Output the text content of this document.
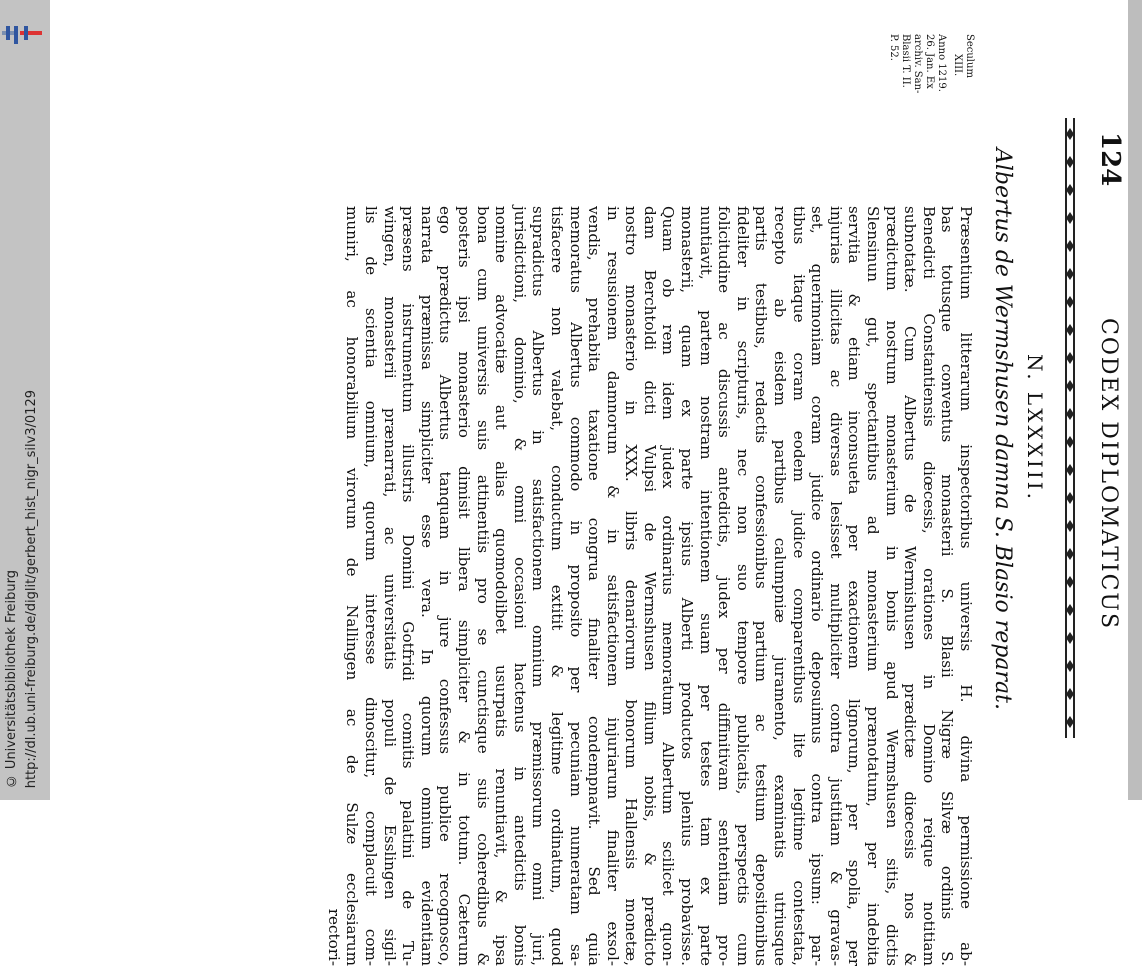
http://dl.ub.uni-freiburg.de/diglit/gerbert_hist_nigr_silv3/0129
© Universitätsbibliothek Freiburg
124
CODEX DIPLOMATICUS
N. LXXXIII.
Albertus de Wermshusen damna S. Blasio reparat.
Seculum
XIII.
Anno 1219.
26. Jan. Ex
archiv. San-
Blasii T. II.
P. 52.
Præsentium litterarum inspectoribus universis H. divina permissione ab-
bas totusque conventus monasterii S. Blasii Nigræ Silvæ ordinis S.
Benedicti Constantiensis diœcesis, orationes in Domino reique notitiam
subnotatæ. Cum Albertus de Wermishusen prædictæ diœcesis nos &
prædictum nostrum monasterium in bonis apud Wermshusen sitis, dictis
Slensinun gut, spectantibus ad monasterium prænotatum, per indebita
servitia & etiam inconsueta per exactionem lignorum, per spolia, per
injurias illicitas ac diversas lesisset multipliciter contra justitiam & gravas-
set, querimoniam coram judice ordinario deposuimus contra ipsum: par-
tibus itaque coram eodem judice comparentibus lite legitime contestata,
recepto ab eisdem partibus calumpniæ juramento, examinatis utriusque
partis testibus, redactis confessionibus partium ac testium depositionibus
fideliter in scripturis, nec non suo tempore publicatis, perspectis cum
folicitudine ac discussis antedictis, judex per diffinitivam sententiam pro-
nuntiavit, partem nostram intentionem suam per testes tam ex parte
monasterii, quam ex parte ipsius Alberti productos plenius probavisse.
Quam ob rem idem judex ordinarius memoratum Albertum scilicet quon-
dam Berchtoldi dicti Vulpsi de Wermshusen filium nobis, & prædicto
nostro monasterio in XXX. libris denariorum bonorum Hallensis monetæ,
in resusionem damnorum & in satisfactionem injuriarum finaliter exsol-
vendis, prehabita taxatione congrua finaliter condempnavit. Sed quia
memoratus Albertus commodo in proposito per pecuniam numeratam sa-
tisfacere non valebat, conductum extitit & legitime ordinatum, quod
supradictus Albertus in satisfactionem omnium præmissorum omni juri,
jurisdictioni, dominio, & omni occasioni hactenus in antedictis bonis
nomine advocatiæ aut alias quomodolibet usurpatis renuntiavit, & ipsa
bona cum universis suis attinentiis pro se cunctisque suis coheredibus &
posteris ipsi monasterio dimisit libera simpliciter & in totum. Cæterum
ego prædictus Albertus tanquam in jure confessus publice recognosco,
narrata præmissa simpliciter esse vera. In quorum omnium evidentiam
præsens instrumentum illustris Domini Gotfridi comitis palatini de Tu-
wingen, monasterii prænarrati, ac universitatis populi de Esslingen sigil-
lis de scientia omnium, quorum interesse dinoscitur, complacuit com-
muniri, ac honorabilium virorum de Nallingen ac de Sulze ecclesiarum
rectori-
